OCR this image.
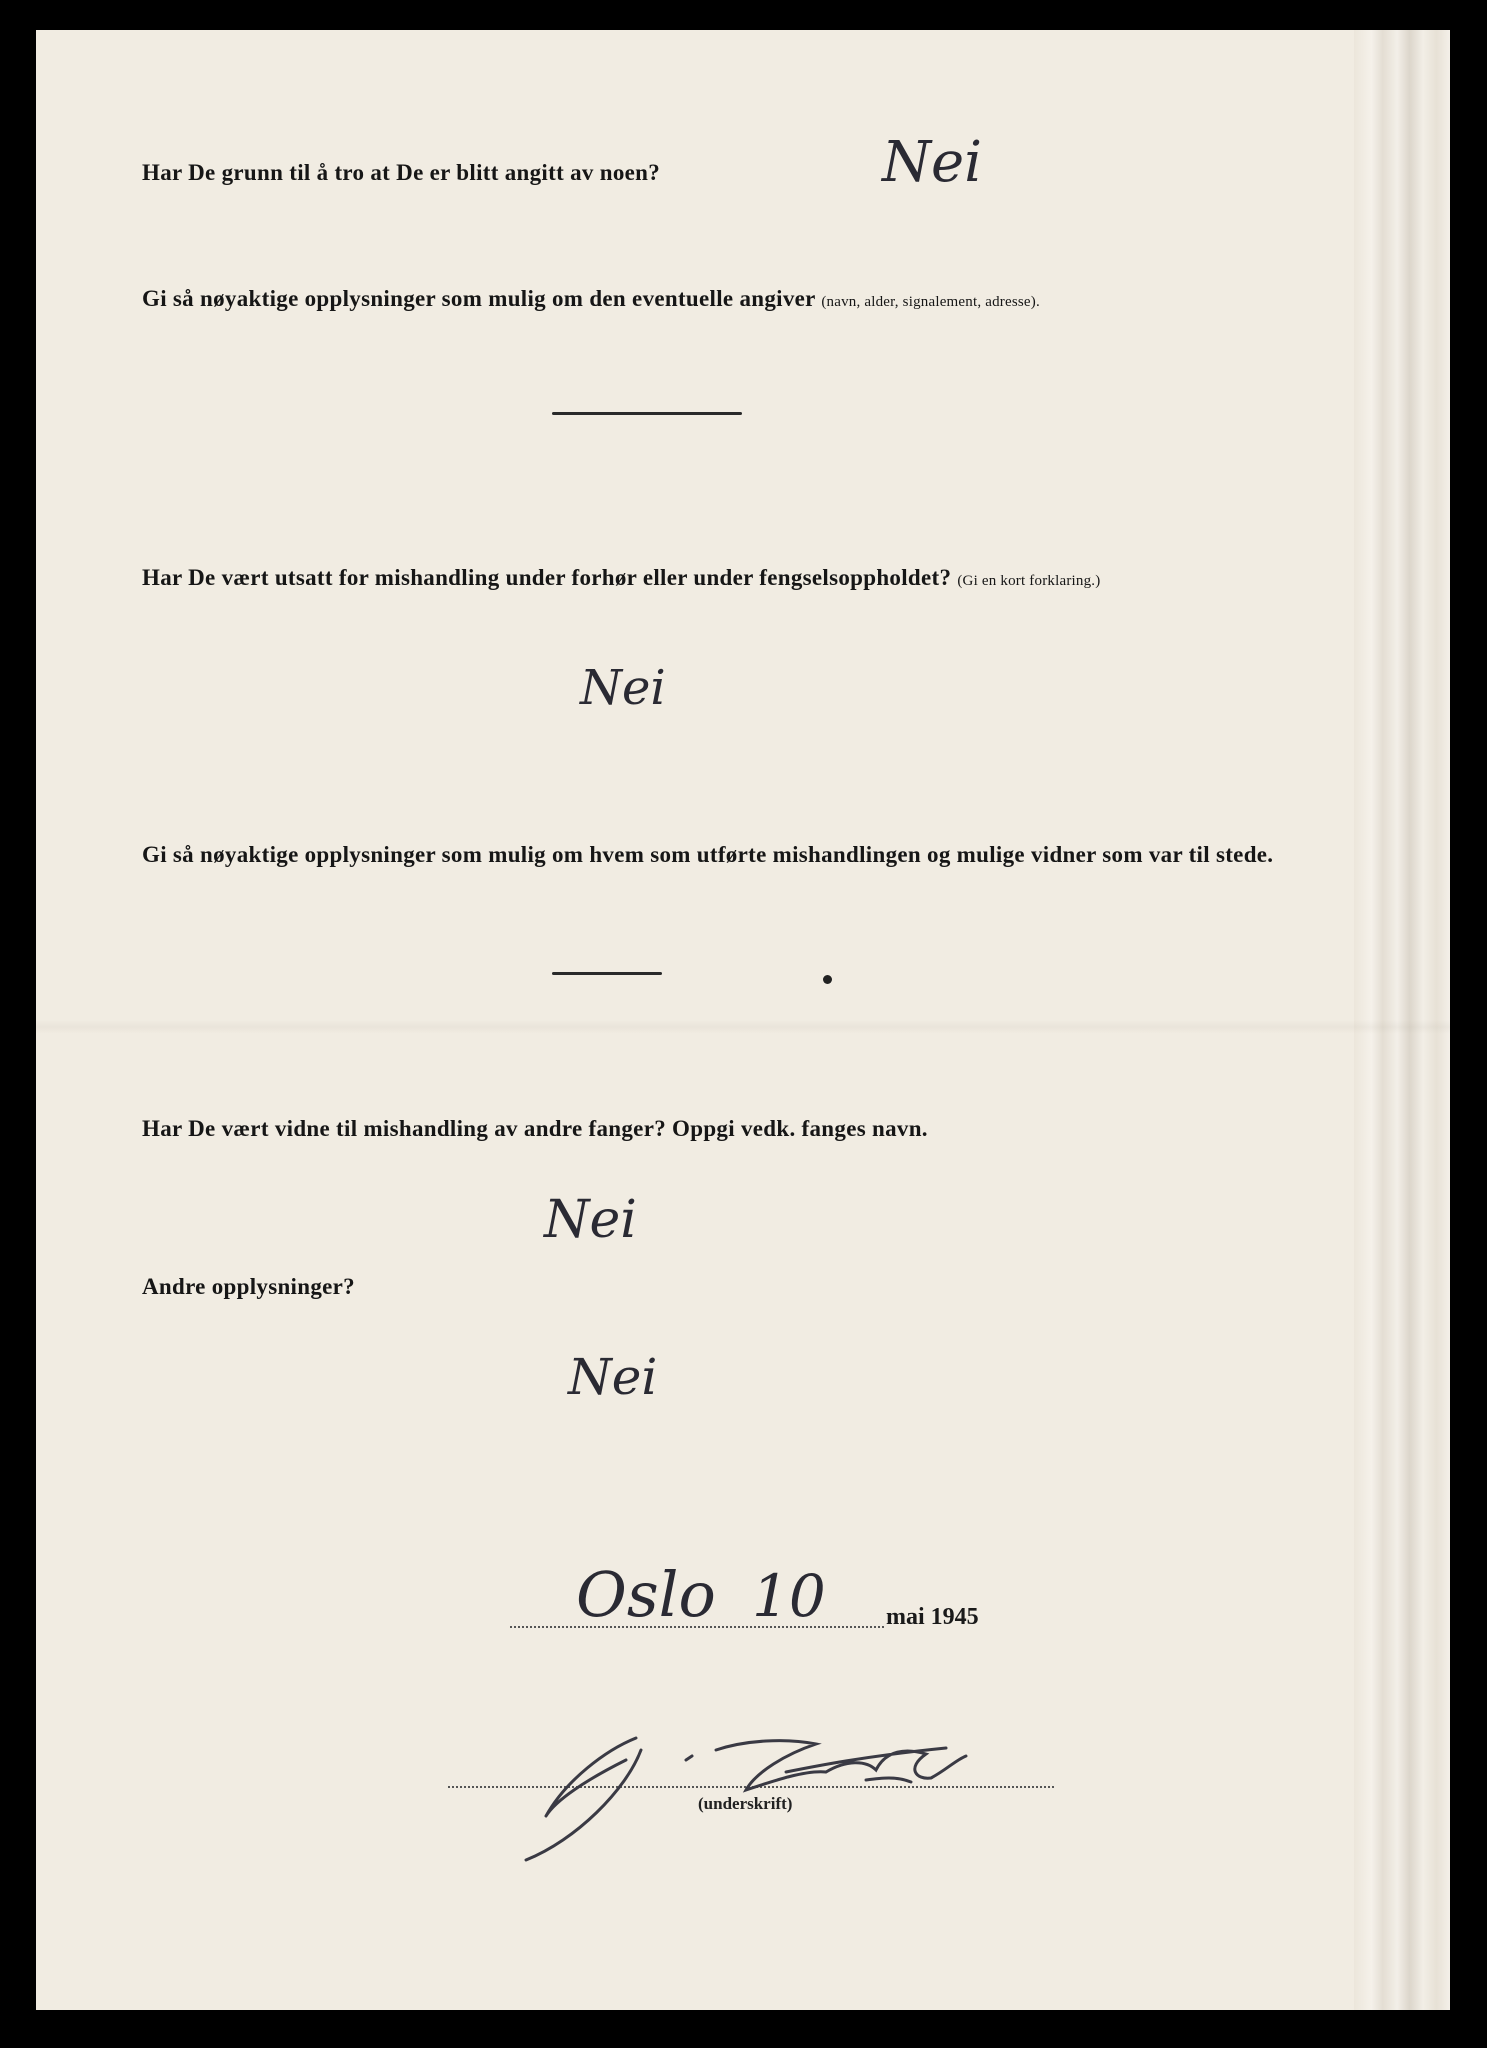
Har De grunn til å tro at De er blitt angitt av noen?	Nei
Gi så nøyaktige opplysninger som mulig om den eventuelle angiver (navn, alder, signalement, adresse).
Har De vært utsatt for mishandling under forhør eller under fengselsoppholdet? (Gi en kort forklaring.)
Nei
Gi så nøyaktige opplysninger som mulig om hvem som utførte mishandlingen og mulige vidner som var til stede.
Har De vært vidne til mishandling av andre fanger? Oppgi vedk. fanges navn.
Nei
Andre opplysninger?
Nei
Oslo 10	mai 1945
(underskrift)
